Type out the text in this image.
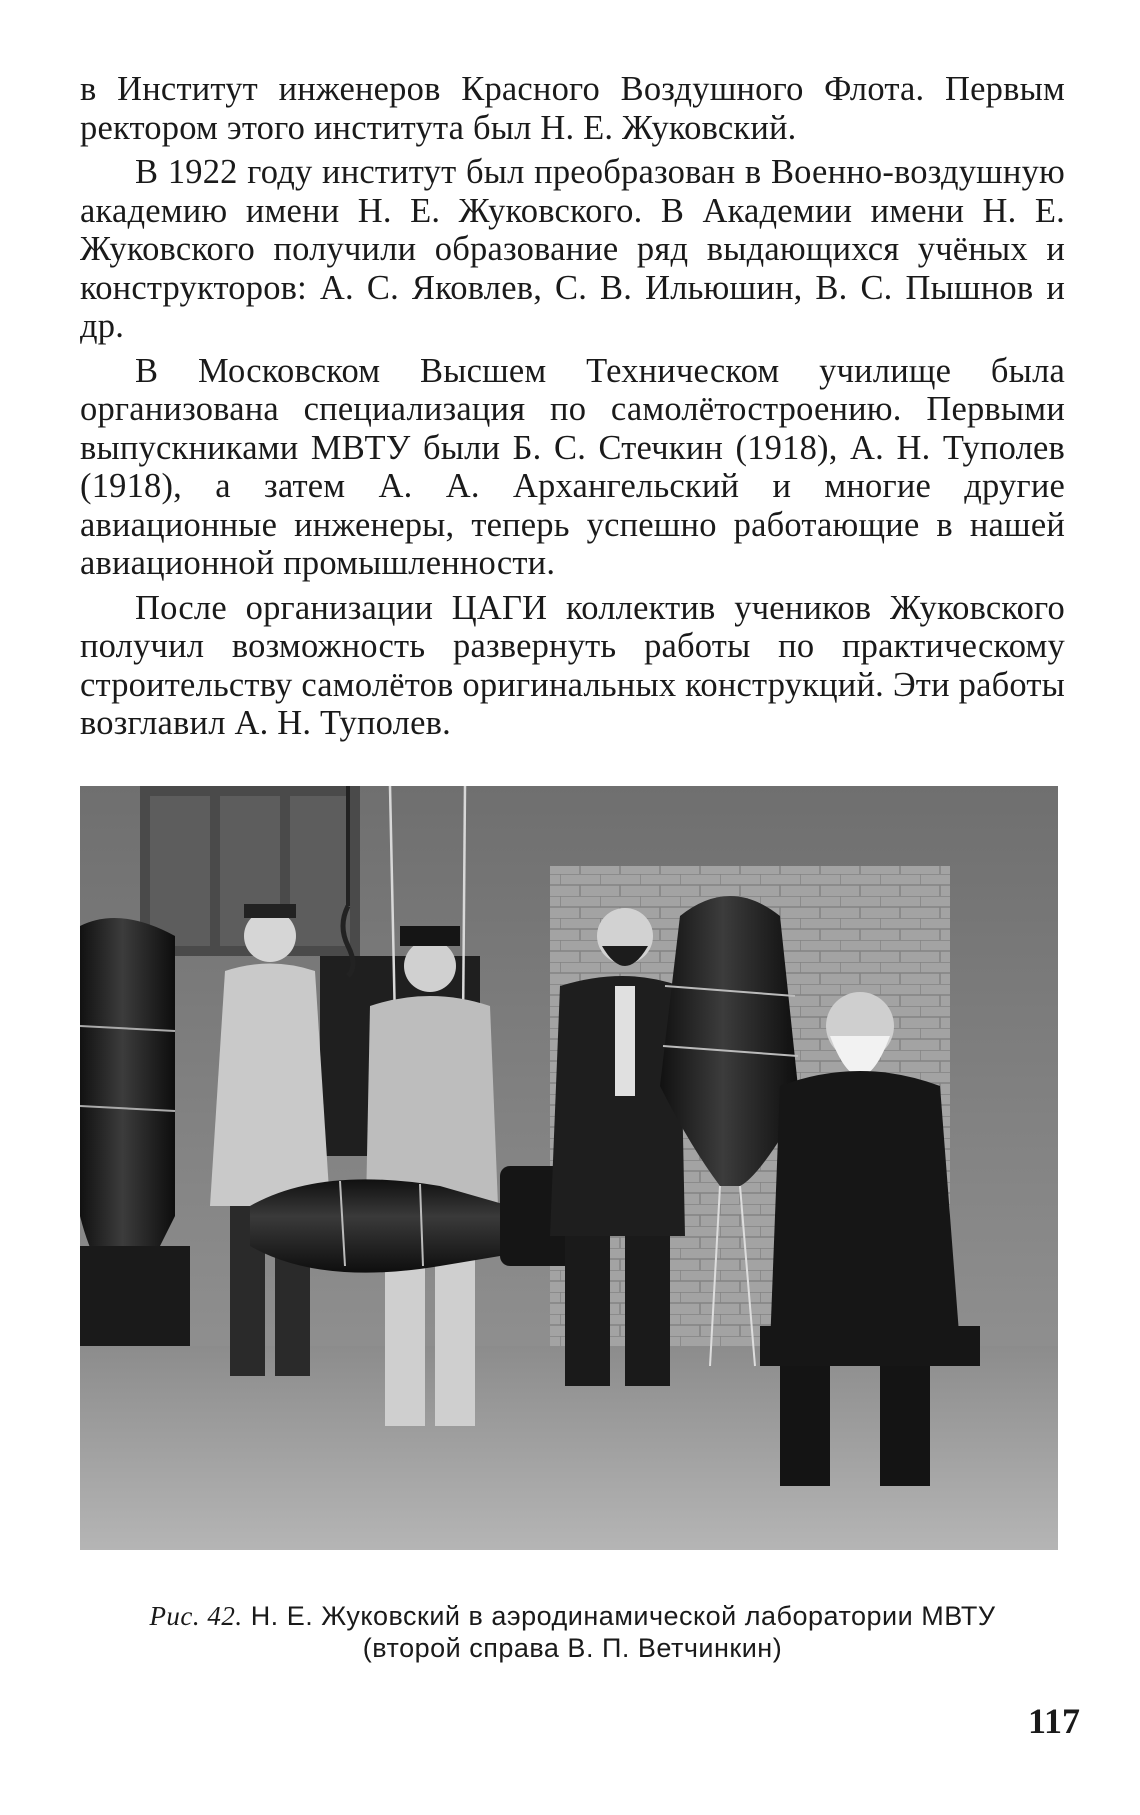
в Институт инженеров Красного Воздушного Флота. Первым ректором этого института был Н. Е. Жуковский.

В 1922 году институт был преобразован в Военно-воздушную академию имени Н. Е. Жуковского. В Академии имени Н. Е. Жуковского получили образование ряд выдающихся учёных и конструкторов: А. С. Яковлев, С. В. Ильюшин, В. С. Пышнов и др.

В Московском Высшем Техническом училище была организована специализация по самолётостроению. Первыми выпускниками МВТУ были Б. С. Стечкин (1918), А. Н. Туполев (1918), а затем А. А. Архангельский и многие другие авиационные инженеры, теперь успешно работающие в нашей авиационной промышленности.

После организации ЦАГИ коллектив учеников Жуковского получил возможность развернуть работы по практическому строительству самолётов оригинальных конструкций. Эти работы возглавил А. Н. Туполев.

Рис. 42. Н. Е. Жуковский в аэродинамической лаборатории МВТУ
(второй справа В. П. Ветчинкин)
117
